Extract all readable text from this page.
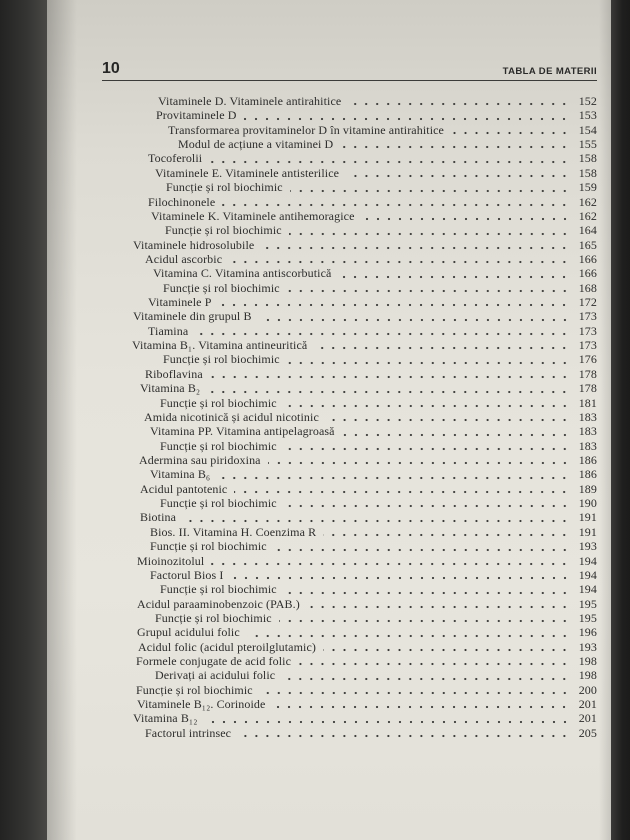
10	TABLA DE MATERII
Vitaminele D. Vitaminele antirahitice	152
Provitaminele D	153
Transformarea provitaminelor D în vitamine antirahitice	154
Modul de acțiune a vitaminei D	155
Tocoferolii	158
Vitaminele E. Vitaminele antisterilice	158
Funcție și rol biochimic	159
Filochinonele	162
Vitaminele K. Vitaminele antihemoragice	162
Funcție și rol biochimic	164
Vitaminele hidrosolubile	165
Acidul ascorbic	166
Vitamina C. Vitamina antiscorbutică	166
Funcție și rol biochimic	168
Vitaminele P	172
Vitaminele din grupul B	173
Tiamina	173
Vitamina B₁. Vitamina antineuritică	173
Funcție și rol biochimic	176
Riboflavina	178
Vitamina B₂	178
Funcție și rol biochimic	181
Amida nicotinică și acidul nicotinic	183
Vitamina PP. Vitamina antipelagroasă	183
Funcție și rol biochimic	183
Adermina sau piridoxina	186
Vitamina B₆	186
Acidul pantotenic	189
Funcție și rol biochimic	190
Biotina	191
Bios. II. Vitamina H. Coenzima R	191
Funcție și rol biochimic	193
Mioinozitolul	194
Factorul Bios I	194
Funcție și rol biochimic	194
Acidul paraaminobenzoic (PAB.)	195
Funcție și rol biochimic	195
Grupul acidului folic	196
Acidul folic (acidul pteroilglutamic)	193
Formele conjugate de acid folic	198
Derivați ai acidului folic	198
Funcție și rol biochimic	200
Vitaminele B₁₂. Corinoide	201
Vitamina B₁₂	201
Factorul intrinsec	205
